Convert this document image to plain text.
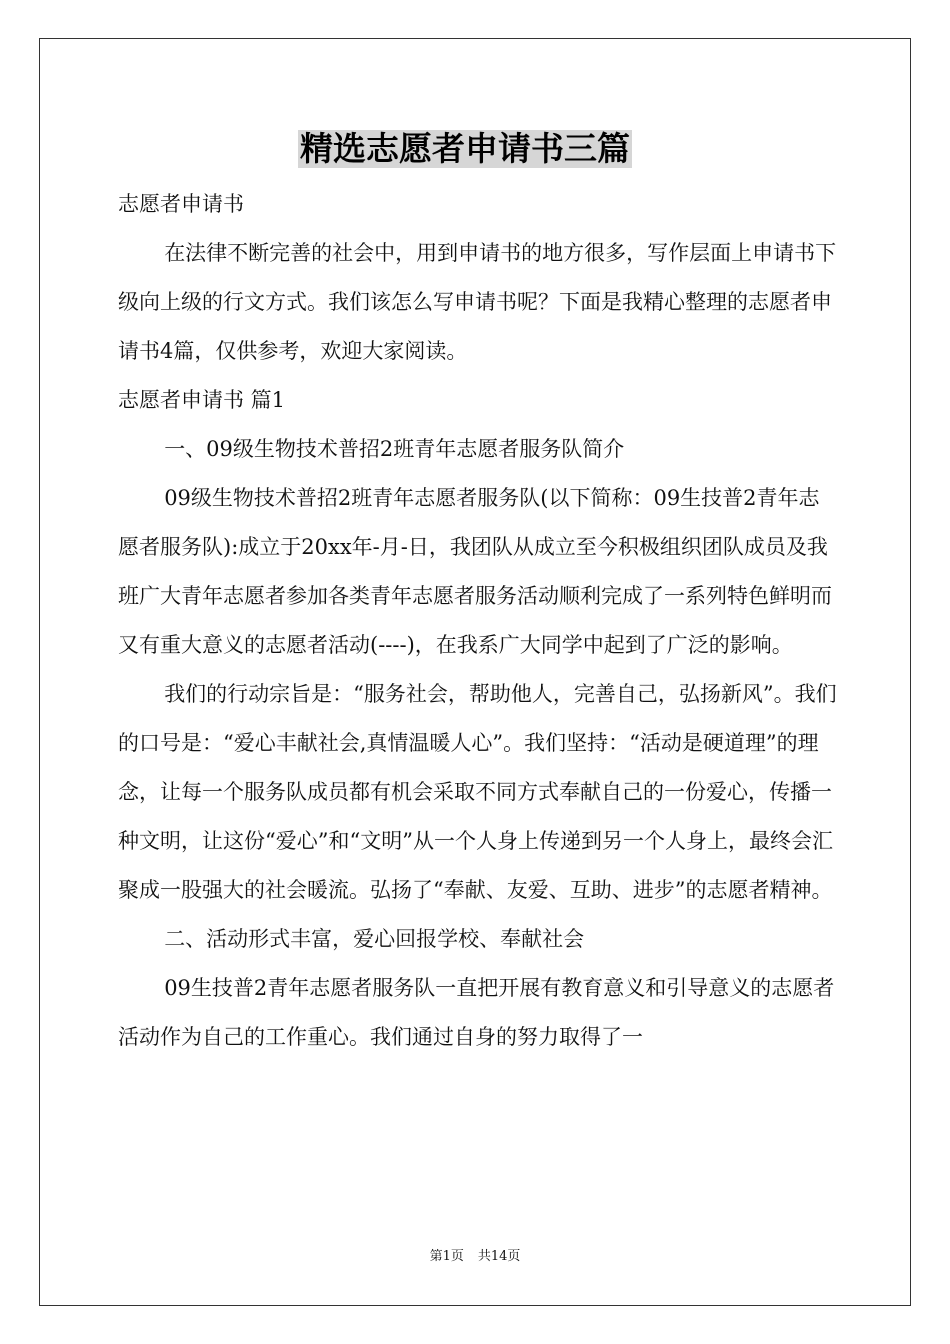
精选志愿者申请书三篇

志愿者申请书

在法律不断完善的社会中，用到申请书的地方很多，写作层面上申请书下级向上级的行文方式。我们该怎么写申请书呢？下面是我精心整理的志愿者申请书4篇，仅供参考，欢迎大家阅读。

志愿者申请书 篇1

一、09级生物技术普招2班青年志愿者服务队简介

09级生物技术普招2班青年志愿者服务队(以下简称：09生技普2青年志愿者服务队):成立于20xx年-月-日，我团队从成立至今积极组织团队成员及我班广大青年志愿者参加各类青年志愿者服务活动顺利完成了一系列特色鲜明而又有重大意义的志愿者活动(----)，在我系广大同学中起到了广泛的影响。

我们的行动宗旨是：“服务社会，帮助他人，完善自己，弘扬新风”。我们的口号是：“爱心丰献社会,真情温暖人心”。我们坚持：“活动是硬道理”的理念，让每一个服务队成员都有机会采取不同方式奉献自己的一份爱心，传播一种文明，让这份“爱心”和“文明”从一个人身上传递到另一个人身上，最终会汇聚成一股强大的社会暖流。弘扬了“奉献、友爱、互助、进步”的志愿者精神。

二、活动形式丰富，爱心回报学校、奉献社会

09生技普2青年志愿者服务队一直把开展有教育意义和引导意义的志愿者活动作为自己的工作重心。我们通过自身的努力取得了一

第1页 共14页
